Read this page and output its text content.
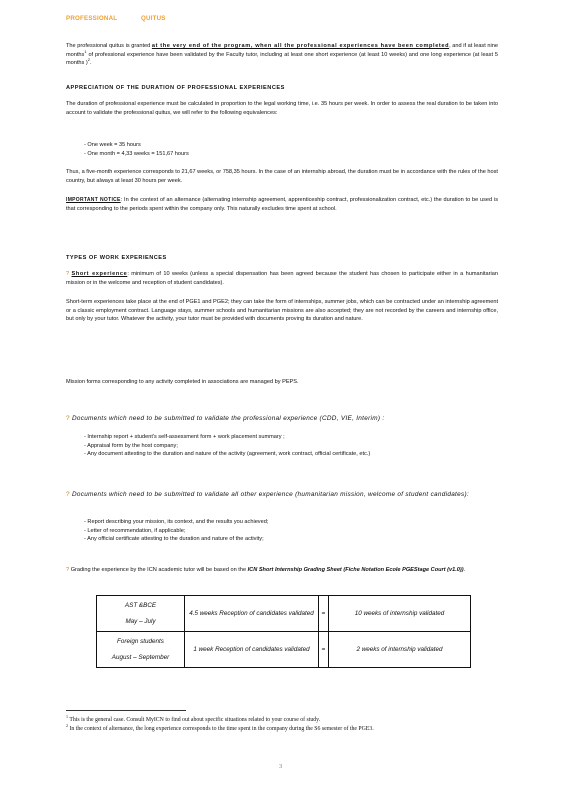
PROFESSIONAL QUITUS
The professional quitus is granted at the very end of the program, when all the professional experiences have been completed, and if at least nine months$^1$ of professional experience have been validated by the Faculty tutor, including at least one short experience (at least 10 weeks) and one long experience (at least 5 months )$^2$.
APPRECIATION OF THE DURATION OF PROFESSIONAL EXPERIENCES
The duration of professional experience must be calculated in proportion to the legal working time, i.e. 35 hours per week. In order to assess the real duration to be taken into account to validate the professional quitus, we will refer to the following equivalences:
- One week = 35 hours
- One month = 4,33 weeks = 151,67 hours
Thus, a five-month experience corresponds to 21,67 weeks, or 758,35 hours. In the case of an internship abroad, the duration must be in accordance with the rules of the host country, but always at least 30 hours per week.
IMPORTANT NOTICE: In the context of an alternance (alternating internship agreement, apprenticeship contract, professionalization contract, etc.) the duration to be used is that corresponding to the periods spent within the company only. This naturally excludes time spent at school.
TYPES OF WORK EXPERIENCES
? Short experience: minimum of 10 weeks (unless a special dispensation has been agreed because the student has chosen to participate either in a humanitarian mission or in the welcome and reception of student candidates).
Short-term experiences take place at the end of PGE1 and PGE2; they can take the form of internships, summer jobs, which can be contracted under an internship agreement or a classic employment contract. Language stays, summer schools and humanitarian missions are also accepted; they are not recorded by the careers and internship office, but only by your tutor. Whatever the activity, your tutor must be provided with documents proving its duration and nature.
Mission forms corresponding to any activity completed in associations are managed by PEPS.
? Documents which need to be submitted to validate the professional experience (CDD, VIE, Interim) :
- Internship report + student's self-assessment form + work placement summary ;
- Appraisal form by the host company;
- Any document attesting to the duration and nature of the activity (agreement, work contract, official certificate, etc.)
? Documents which need to be submitted to validate all other experience (humanitarian mission, welcome of student candidates):
- Report describing your mission, its context, and the results you achieved;
- Letter of recommendation, if applicable;
- Any official certificate attesting to the duration and nature of the activity;
? Grading the experience by the ICN academic tutor will be based on the ICN Short Internship Grading Sheet (Fiche Notation Ecole PGEStage Court (v1.0)).
AST &BCE
May – July	4.5 weeks Reception of candidates validated	=	10 weeks of internship validated

Foreign students
August – September	1 week Reception of candidates validated	=	2 weeks of internship validated
$^1$ This is the general case. Consult MyICN to find out about specific situations related to your course of study.
$^2$ In the context of alternance, the long experience corresponds to the time spent in the company during the S6 semester of the PGE3.
3
